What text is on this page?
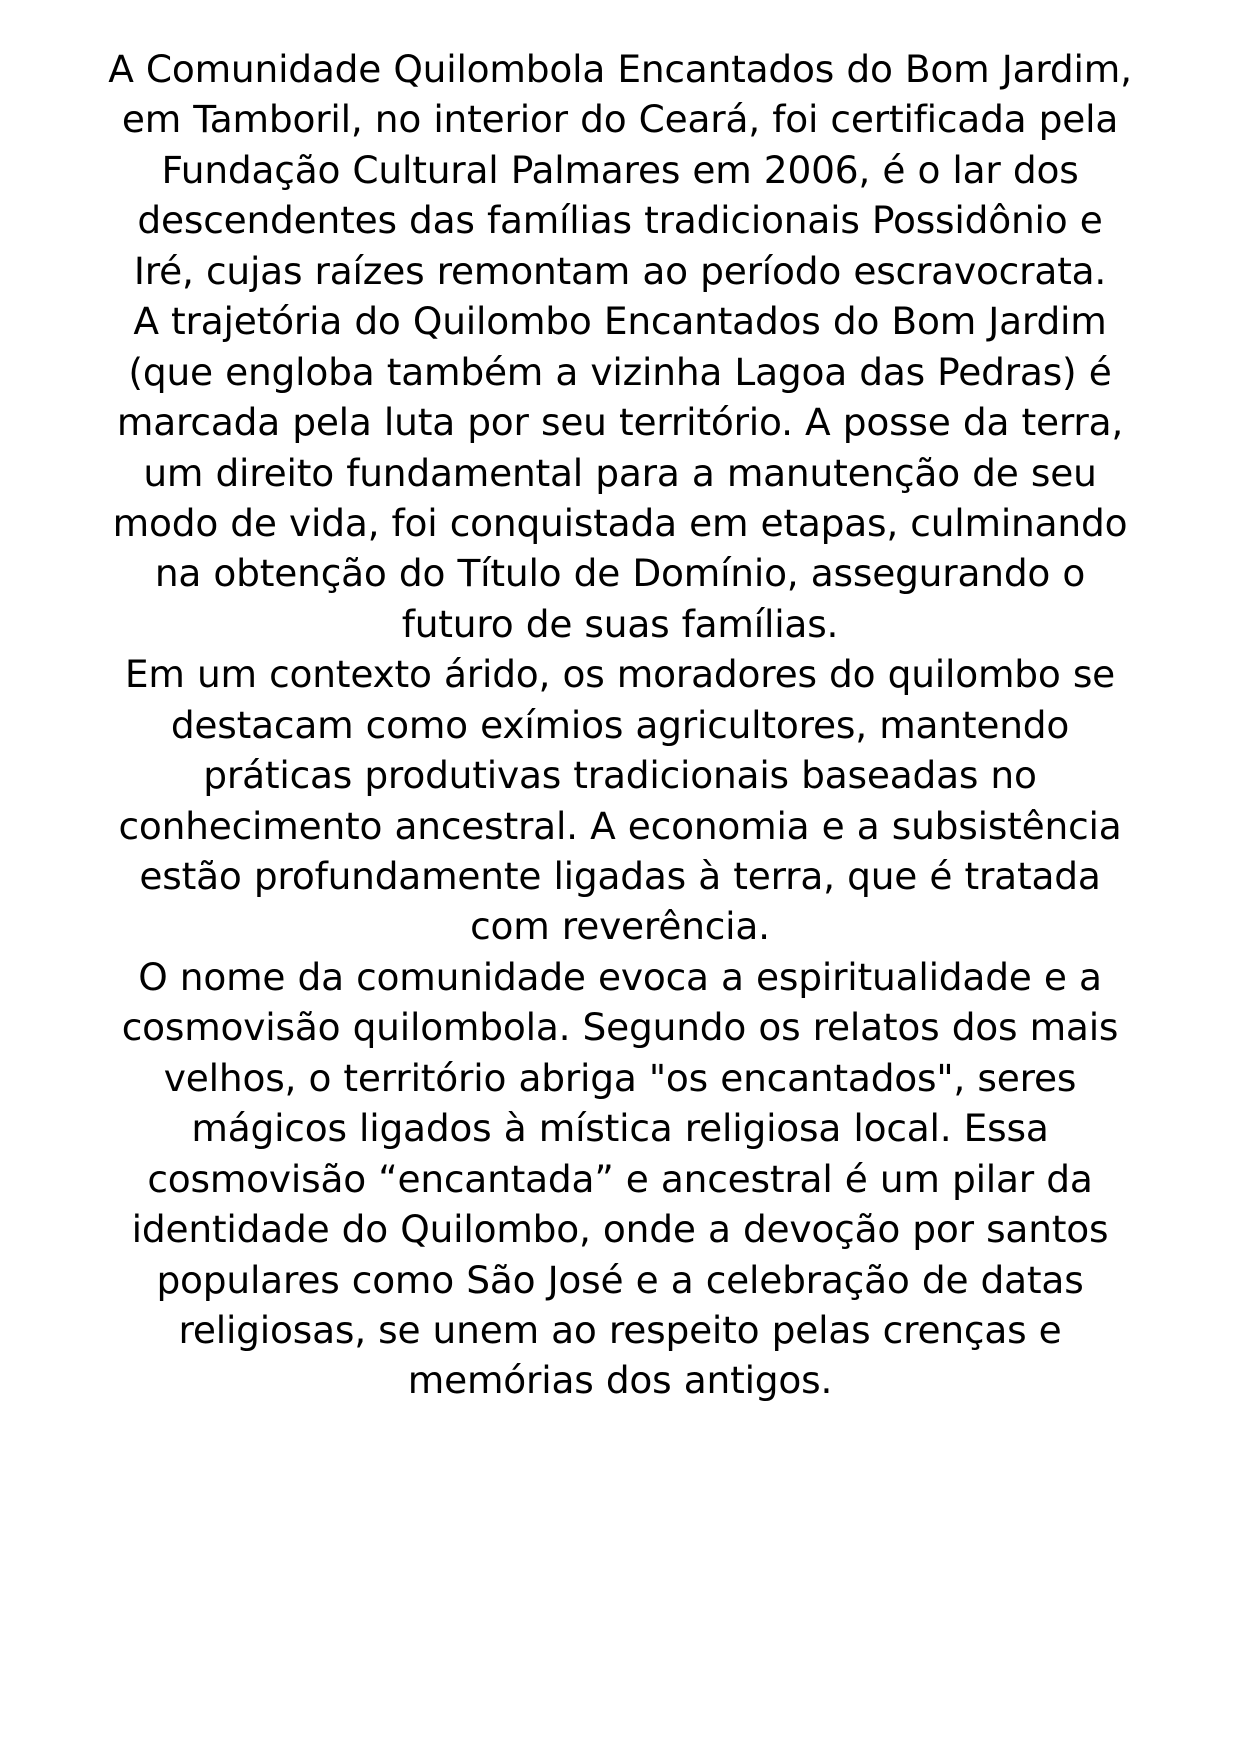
A Comunidade Quilombola Encantados do Bom Jardim, em Tamboril, no interior do Ceará, foi certificada pela Fundação Cultural Palmares em 2006, é o lar dos descendentes das famílias tradicionais Possidônio e Iré, cujas raízes remontam ao período escravocrata.

A trajetória do Quilombo Encantados do Bom Jardim (que engloba também a vizinha Lagoa das Pedras) é marcada pela luta por seu território. A posse da terra, um direito fundamental para a manutenção de seu modo de vida, foi conquistada em etapas, culminando na obtenção do Título de Domínio, assegurando o futuro de suas famílias.

Em um contexto árido, os moradores do quilombo se destacam como exímios agricultores, mantendo práticas produtivas tradicionais baseadas no conhecimento ancestral. A economia e a subsistência estão profundamente ligadas à terra, que é tratada com reverência.

O nome da comunidade evoca a espiritualidade e a cosmovisão quilombola. Segundo os relatos dos mais velhos, o território abriga "os encantados", seres mágicos ligados à mística religiosa local. Essa cosmovisão “encantada” e ancestral é um pilar da identidade do Quilombo, onde a devoção por santos populares como São José e a celebração de datas religiosas, se unem ao respeito pelas crenças e memórias dos antigos.
